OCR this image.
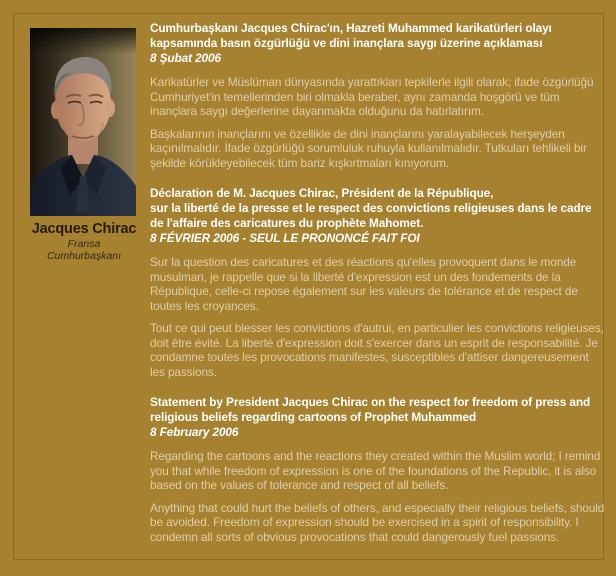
Jacques Chirac
Fransa Cumhurbaşkanı
Cumhurbaşkanı Jacques Chirac'ın, Hazreti Muhammed karikatürleri olayı
kapsamında basın özgürlüğü ve dini inançlara saygı üzerine açıklaması
8 Şubat 2006

Karikatürler ve Müslüman dünyasında yarattıkları tepkilerle ilgili olarak; ifade özgürlüğü Cumhuriyet'in temellerinden biri olmakla beraber, aynı zamanda hoşgörü ve tüm inançlara saygı değerlerine dayanmakta olduğunu da hatırlatırım.

Başkalarının inançlarını ve özellikle de dini inançlarını yaralayabilecek herşeyden kaçınılmalıdır. İfade özgürlüğü sorumluluk ruhuyla kullanılmalıdır. Tutkuları tehlikeli bir şekilde körükleyebilecek tüm bariz kışkırtmaları kınıyorum.

Déclaration de M. Jacques Chirac, Président de la République,
sur la liberté de la presse et le respect des convictions religieuses dans le cadre
de l'affaire des caricatures du prophète Mahomet.
8 FÉVRIER 2006 - SEUL LE PRONONCÉ FAIT FOI

Sur la question des caricatures et des réactions qu'elles provoquent dans le monde musulman, je rappelle que si la liberté d'expression est un des fondements de la République, celle-ci repose également sur les valeurs de tolérance et de respect de toutes les croyances.

Tout ce qui peut blesser les convictions d'autrui, en particulier les convictions religieuses, doit être évité. La liberté d'expression doit s'exercer dans un esprit de responsabilité. Je condamne toutes les provocations manifestes, susceptibles d'attiser dangereusement les passions.

Statement by President Jacques Chirac on the respect for freedom of press and
religious beliefs regarding cartoons of Prophet Muhammed
8 February 2006

Regarding the cartoons and the reactions they created within the Muslim world; I remind you that while freedom of expression is one of the foundations of the Republic, it is also based on the values of tolerance and respect of all beliefs.

Anything that could hurt the beliefs of others, and especially their religious beliefs, should be avoided. Freedom of expression should be exercised in a spirit of responsibility. I condemn all sorts of obvious provocations that could dangerously fuel passions.
